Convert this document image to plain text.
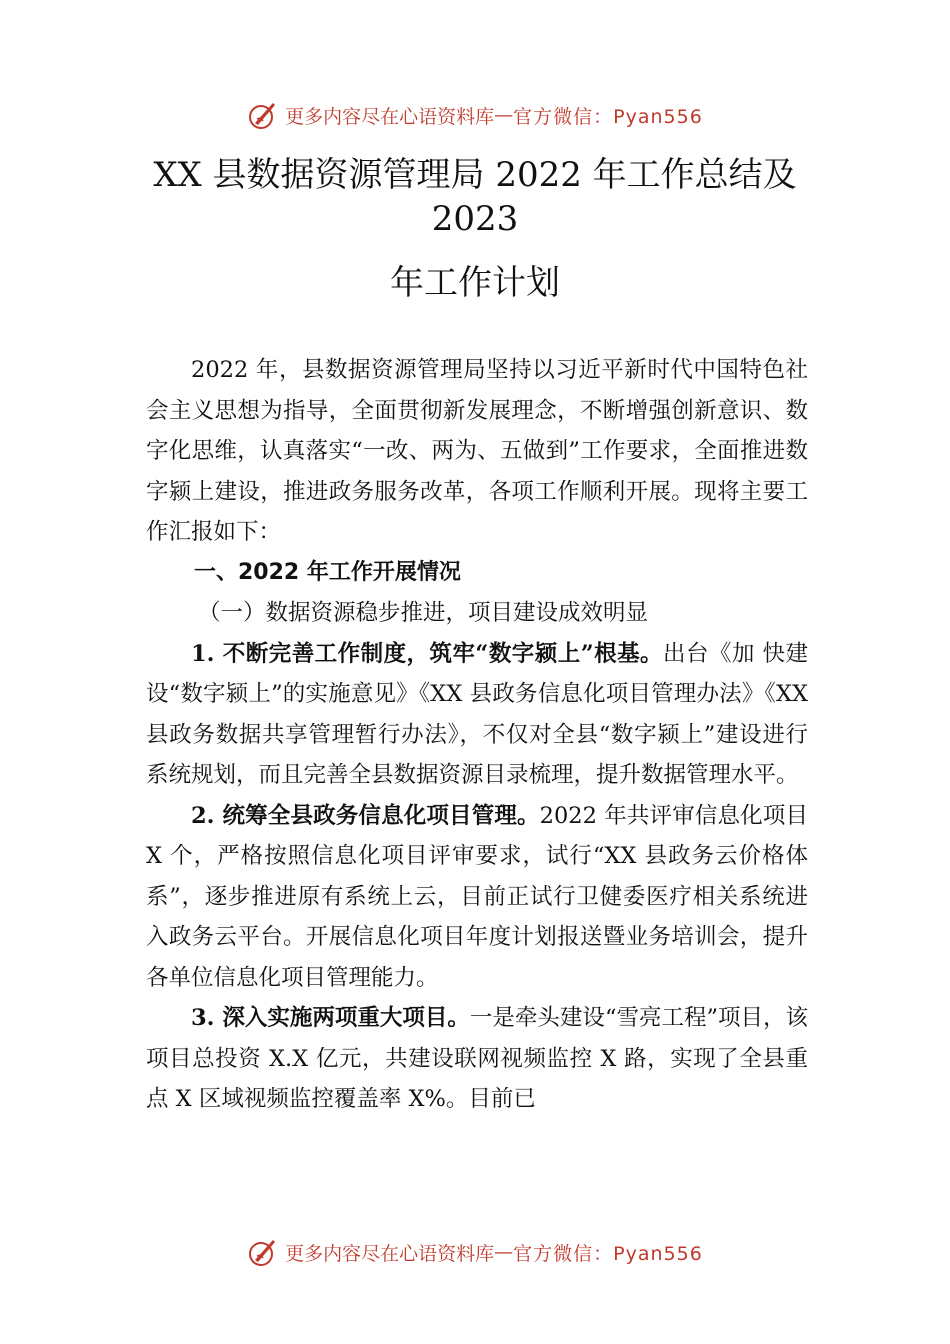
更多内容尽在心语资料库 — 官方微信：Pyan556
XX 县数据资源管理局 2022 年工作总结及
2023
年工作计划

2022 年，县数据资源管理局坚持以习近平新时代中国特色社会主义思想为指导，全面贯彻新发展理念，不断增强创新意识、数字化思维，认真落实“一改、两为、五做到”工作要求，全面推进数字颍上建设，推进政务服务改革，各项工作顺利开展。现将主要工作汇报如下：

一、2022 年工作开展情况

（一）数据资源稳步推进，项目建设成效明显

1. 不断完善工作制度，筑牢“数字颍上”根基。出台《加 快建设“数字颍上”的实施意见》《XX 县政务信息化项目管理办法》《XX 县政务数据共享管理暂行办法》，不仅对全县“数字颍上”建设进行系统规划，而且完善全县数据资源目录梳理，提升数据管理水平。

2. 统筹全县政务信息化项目管理。2022 年共评审信息化项目 X 个，严格按照信息化项目评审要求，试行“XX 县政务云价格体系”，逐步推进原有系统上云，目前正试行卫健委医疗相关系统进入政务云平台。开展信息化项目年度计划报送暨业务培训会，提升各单位信息化项目管理能力。

3. 深入实施两项重大项目。一是牵头建设“雪亮工程”项目，该项目总投资 X.X 亿元，共建设联网视频监控 X 路，实现了全县重点 X 区域视频监控覆盖率 X%。目前已

更多内容尽在心语资料库 — 官方微信：Pyan556
